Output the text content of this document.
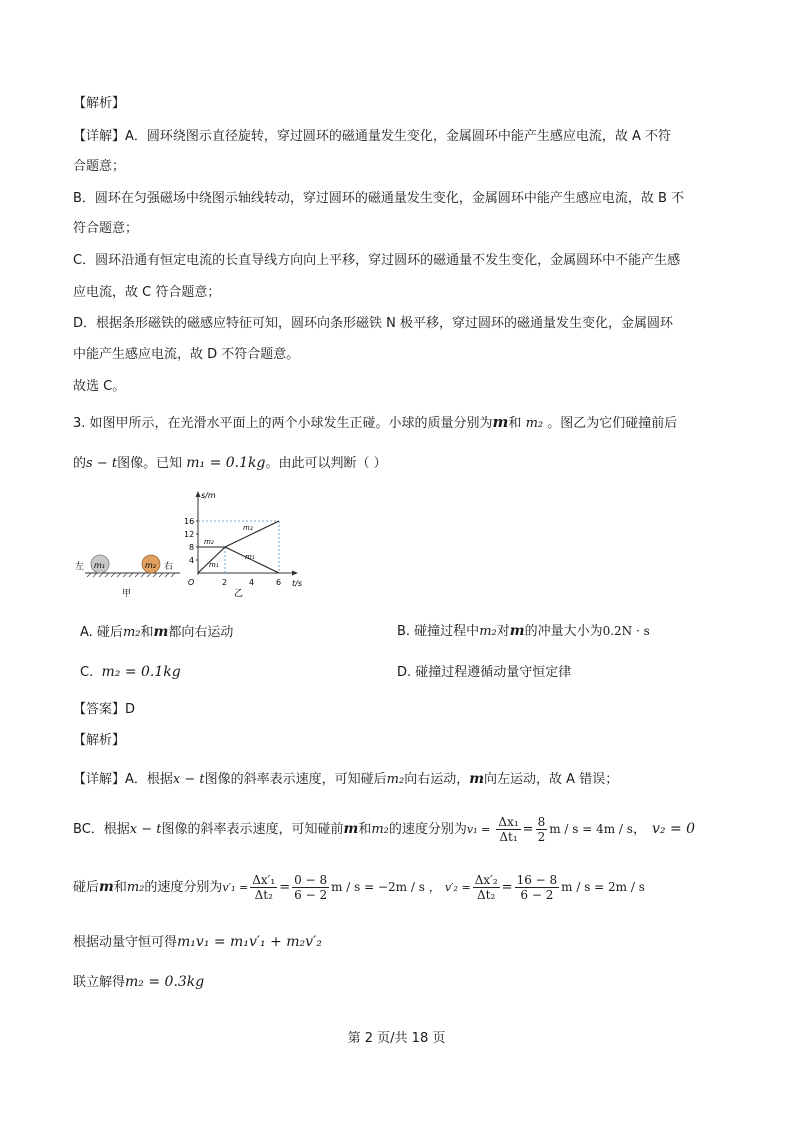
【解析】
【详解】A．圆环绕图示直径旋转，穿过圆环的磁通量发生变化，金属圆环中能产生感应电流，故 A 不符
合题意；
B．圆环在匀强磁场中绕图示轴线转动，穿过圆环的磁通量发生变化，金属圆环中能产生感应电流，故 B 不
符合题意；
C．圆环沿通有恒定电流的长直导线方向向上平移，穿过圆环的磁通量不发生变化，金属圆环中不能产生感
应电流，故 C 符合题意；
D．根据条形磁铁的磁感应特征可知，圆环向条形磁铁 N 极平移，穿过圆环的磁通量发生变化，金属圆环
中能产生感应电流，故 D 不符合题意。
故选 C。
3. 如图甲所示，在光滑水平面上的两个小球发生正碰。小球的质量分别为m和 m₂ 。图乙为它们碰撞前后
的s − t图像。已知 m₁ = 0.1kg。由此可以判断（ ）
m₁	m₂
左	右
甲
s/m
t/s
O
4
8
12
16
2	4	6
m₂
m₂
m₁
m₁
乙
A. 碰后m₂和m都向右运动	B. 碰撞过程中m₂对m的冲量大小为0.2N · s
C. m₂ = 0.1kg	D. 碰撞过程遵循动量守恒定律
【答案】D
【解析】
【详解】A．根据x − t图像的斜率表示速度，可知碰后m₂向右运动，m向左运动，故 A 错误；
BC．根据x − t图像的斜率表示速度，可知碰前m和m₂的速度分别为$v_1 = \frac{\text{Δx₁}}{\text{Δt₁}} = \frac{8}{2}$ m / s = 4m / s， v₂ = 0
碰后m和m₂的速度分别为$v'_1 = \frac{\text{Δx′₁}}{\text{Δt₂}} = \frac{0 - 8}{6 - 2}$ m / s = −2m / s ， $v'_2 = \frac{\text{Δx′₂}}{\text{Δt₂}} = \frac{16 - 8}{6 - 2}$ m / s = 2m / s
根据动量守恒可得m₁v₁ = m₁v′₁ + m₂v′₂
联立解得m₂ = 0.3kg
第 2 页/共 18 页
